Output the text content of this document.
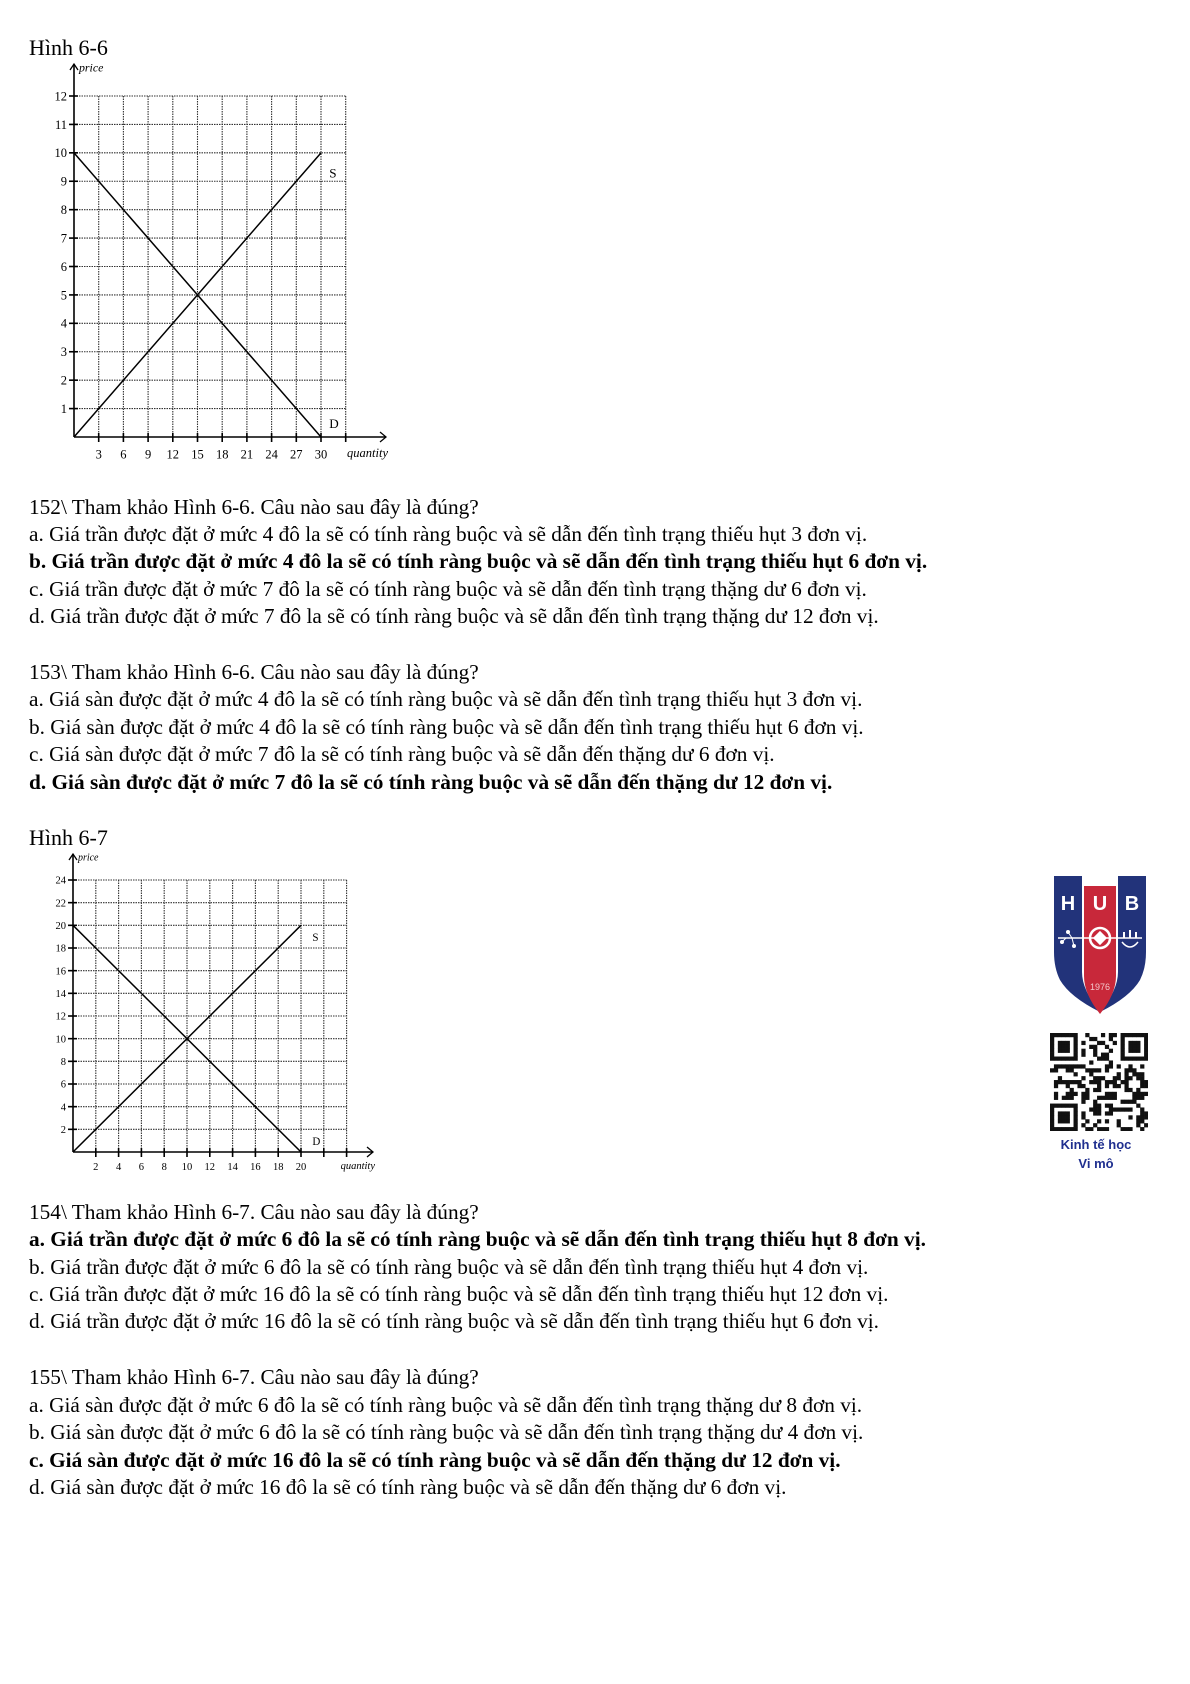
Hình 6-6
1
2
3
4
5
6
7
8
9
10
11
12
3 6 9 12 15 18 21 24 27 30
price
quantity
S
D
152\ Tham khảo Hình 6-6. Câu nào sau đây là đúng?
a. Giá trần được đặt ở mức 4 đô la sẽ có tính ràng buộc và sẽ dẫn đến tình trạng thiếu hụt 3 đơn vị.
b. Giá trần được đặt ở mức 4 đô la sẽ có tính ràng buộc và sẽ dẫn đến tình trạng thiếu hụt 6 đơn vị.
c. Giá trần được đặt ở mức 7 đô la sẽ có tính ràng buộc và sẽ dẫn đến tình trạng thặng dư 6 đơn vị.
d. Giá trần được đặt ở mức 7 đô la sẽ có tính ràng buộc và sẽ dẫn đến tình trạng thặng dư 12 đơn vị.
153\ Tham khảo Hình 6-6. Câu nào sau đây là đúng?
a. Giá sàn được đặt ở mức 4 đô la sẽ có tính ràng buộc và sẽ dẫn đến tình trạng thiếu hụt 3 đơn vị.
b. Giá sàn được đặt ở mức 4 đô la sẽ có tính ràng buộc và sẽ dẫn đến tình trạng thiếu hụt 6 đơn vị.
c. Giá sàn được đặt ở mức 7 đô la sẽ có tính ràng buộc và sẽ dẫn đến thặng dư 6 đơn vị.
d. Giá sàn được đặt ở mức 7 đô la sẽ có tính ràng buộc và sẽ dẫn đến thặng dư 12 đơn vị.
Hình 6-7
2
4
6
8
10
12
14
16
18
20
22
24
2 4 6 8 10 12 14 16 18 20
price
quantity
S
D
H U B
1976
Kinh tế học
Vi mô
154\ Tham khảo Hình 6-7. Câu nào sau đây là đúng?
a. Giá trần được đặt ở mức 6 đô la sẽ có tính ràng buộc và sẽ dẫn đến tình trạng thiếu hụt 8 đơn vị.
b. Giá trần được đặt ở mức 6 đô la sẽ có tính ràng buộc và sẽ dẫn đến tình trạng thiếu hụt 4 đơn vị.
c. Giá trần được đặt ở mức 16 đô la sẽ có tính ràng buộc và sẽ dẫn đến tình trạng thiếu hụt 12 đơn vị.
d. Giá trần được đặt ở mức 16 đô la sẽ có tính ràng buộc và sẽ dẫn đến tình trạng thiếu hụt 6 đơn vị.
155\ Tham khảo Hình 6-7. Câu nào sau đây là đúng?
a. Giá sàn được đặt ở mức 6 đô la sẽ có tính ràng buộc và sẽ dẫn đến tình trạng thặng dư 8 đơn vị.
b. Giá sàn được đặt ở mức 6 đô la sẽ có tính ràng buộc và sẽ dẫn đến tình trạng thặng dư 4 đơn vị.
c. Giá sàn được đặt ở mức 16 đô la sẽ có tính ràng buộc và sẽ dẫn đến thặng dư 12 đơn vị.
d. Giá sàn được đặt ở mức 16 đô la sẽ có tính ràng buộc và sẽ dẫn đến thặng dư 6 đơn vị.
